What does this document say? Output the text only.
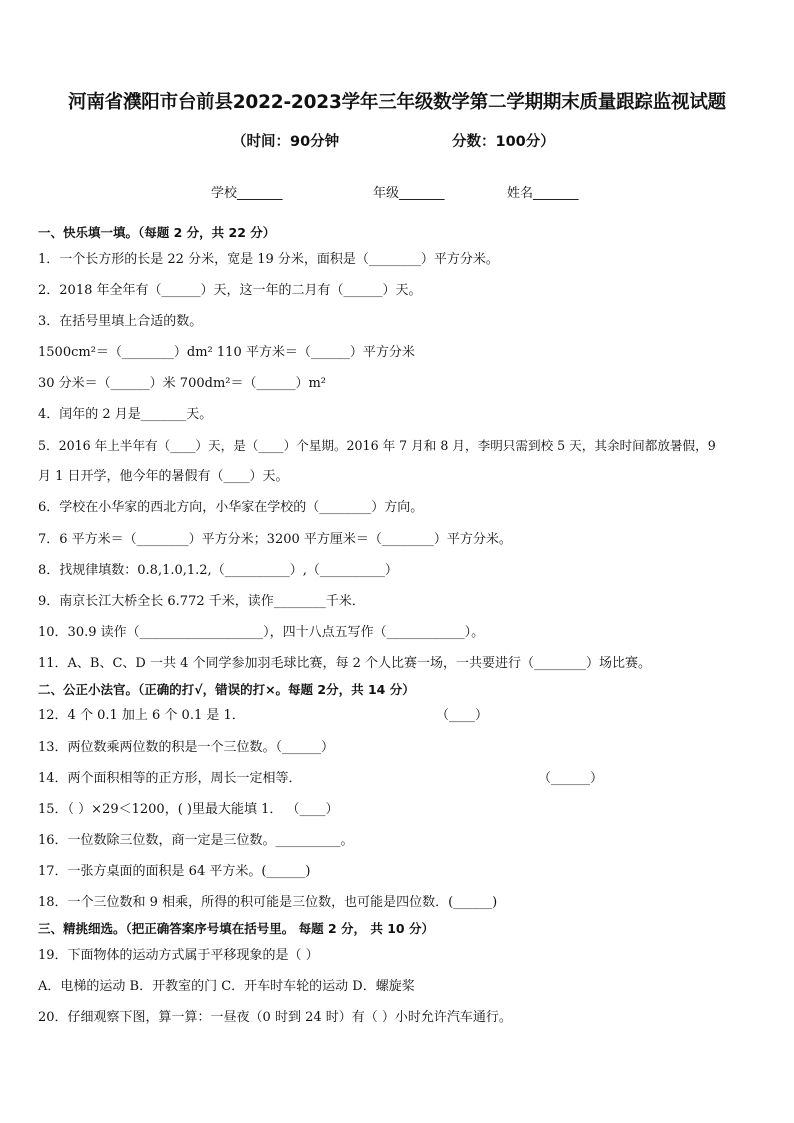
河南省濮阳市台前县2022-2023学年三年级数学第二学期期末质量跟踪监视试题
（时间：90分钟	分数：100分）
学校_______	年级_______	姓名_______
一、快乐填一填。（每题 2 分，共 22 分）
1．一个长方形的长是 22 分米，宽是 19 分米，面积是（________）平方分米。
2．2018 年全年有（______）天，这一年的二月有（______）天。
3．在括号里填上合适的数。
1500cm²＝（________）dm² 110 平方米＝（______）平方分米
30 分米＝（______）米 700dm²＝（______）m²
4．闰年的 2 月是_______天。
5．2016 年上半年有（____）天，是（____）个星期。2016 年 7 月和 8 月，李明只需到校 5 天，其余时间都放暑假，9
月 1 日开学，他今年的暑假有（____）天。
6．学校在小华家的西北方向，小华家在学校的（________）方向。
7．6 平方米＝（________）平方分米；3200 平方厘米＝（________）平方分米。
8．找规律填数：0.8,1.0,1.2,（__________）,（__________）
9．南京长江大桥全长 6.772 千米，读作________千米．
10．30.9 读作（___________________），四十八点五写作（____________）。
11．A、B、C、D 一共 4 个同学参加羽毛球比赛，每 2 个人比赛一场，一共要进行（________）场比赛。
二、公正小法官。（正确的打√，错误的打×。每题 2分，共 14 分）
12．4 个 0.1 加上 6 个 0.1 是 1．	（____）
13．两位数乘两位数的积是一个三位数。（______）
14．两个面积相等的正方形，周长一定相等．	（______）
15．（ ）×29＜1200，( )里最大能填 1． （____）
16．一位数除三位数，商一定是三位数。__________。
17．一张方桌面的面积是 64 平方米。(______)
18．一个三位数和 9 相乘，所得的积可能是三位数，也可能是四位数．(______)
三、精挑细选。（把正确答案序号填在括号里。 每题 2 分， 共 10 分）
19．下面物体的运动方式属于平移现象的是（ ）
A．电梯的运动 B．开教室的门 C．开车时车轮的运动 D．螺旋桨
20．仔细观察下图，算一算：一昼夜（0 时到 24 时）有（ ）小时允许汽车通行。
